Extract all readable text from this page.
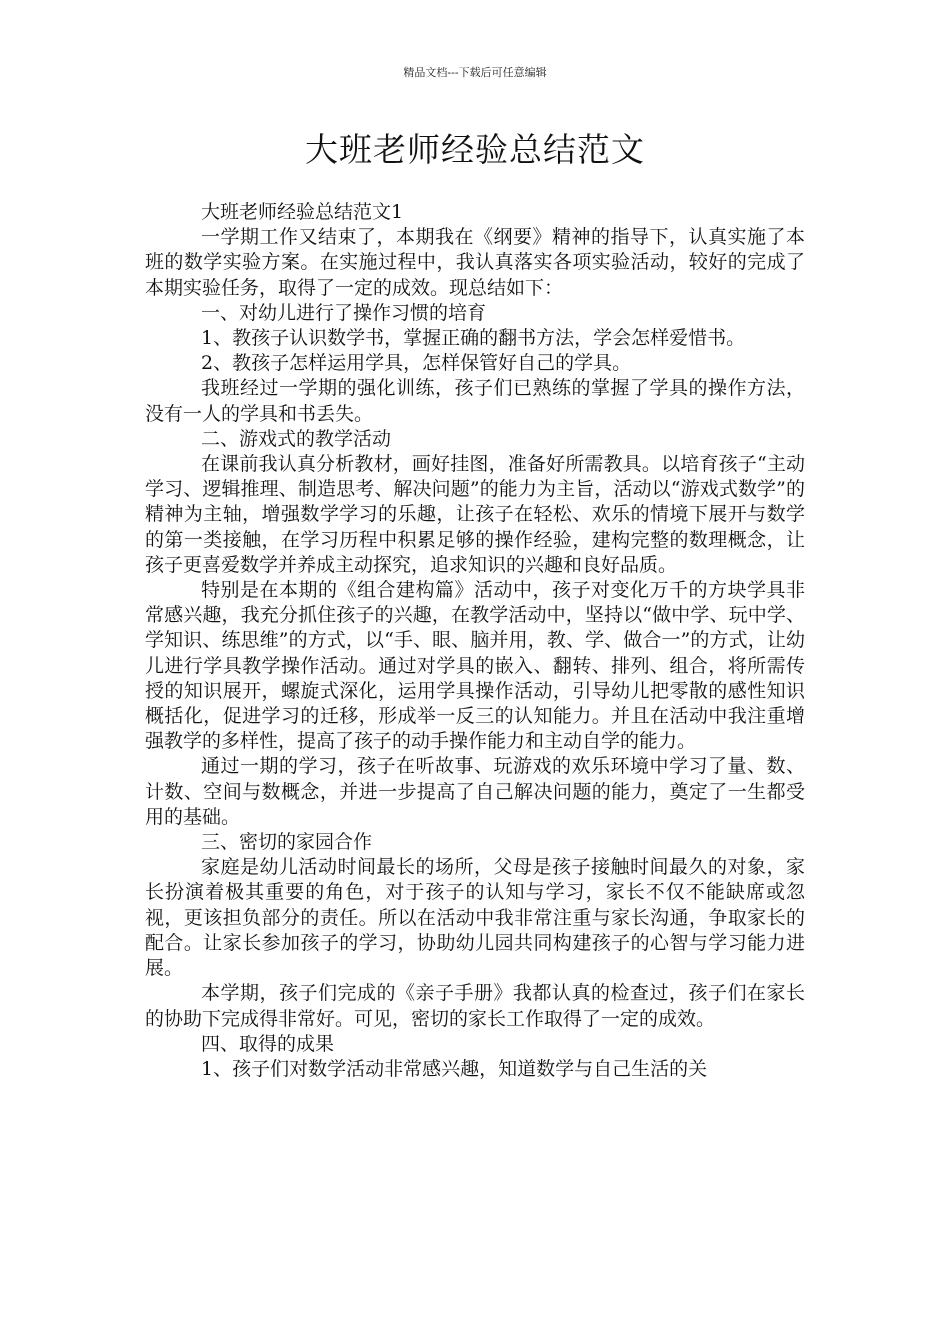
精品文档---下载后可任意编辑
大班老师经验总结范文

大班老师经验总结范文1

一学期工作又结束了，本期我在《纲要》精神的指导下，认真实施了本班的数学实验方案。在实施过程中，我认真落实各项实验活动，较好的完成了本期实验任务，取得了一定的成效。现总结如下：

一、对幼儿进行了操作习惯的培育

1、教孩子认识数学书，掌握正确的翻书方法，学会怎样爱惜书。

2、教孩子怎样运用学具，怎样保管好自己的学具。

我班经过一学期的强化训练，孩子们已熟练的掌握了学具的操作方法，没有一人的学具和书丢失。

二、游戏式的教学活动

在课前我认真分析教材，画好挂图，准备好所需教具。以培育孩子“主动学习、逻辑推理、制造思考、解决问题”的能力为主旨，活动以“游戏式数学”的精神为主轴，增强数学学习的乐趣，让孩子在轻松、欢乐的情境下展开与数学的第一类接触，在学习历程中积累足够的操作经验，建构完整的数理概念，让孩子更喜爱数学并养成主动探究，追求知识的兴趣和良好品质。

特别是在本期的《组合建构篇》活动中，孩子对变化万千的方块学具非常感兴趣，我充分抓住孩子的兴趣，在教学活动中，坚持以“做中学、玩中学、学知识、练思维”的方式，以“手、眼、脑并用，教、学、做合一”的方式，让幼儿进行学具教学操作活动。通过对学具的嵌入、翻转、排列、组合，将所需传授的知识展开，螺旋式深化，运用学具操作活动，引导幼儿把零散的感性知识概括化，促进学习的迁移，形成举一反三的认知能力。并且在活动中我注重增强教学的多样性，提高了孩子的动手操作能力和主动自学的能力。

通过一期的学习，孩子在听故事、玩游戏的欢乐环境中学习了量、数、计数、空间与数概念，并进一步提高了自己解决问题的能力，奠定了一生都受用的基础。

三、密切的家园合作

家庭是幼儿活动时间最长的场所，父母是孩子接触时间最久的对象，家长扮演着极其重要的角色，对于孩子的认知与学习，家长不仅不能缺席或忽视，更该担负部分的责任。所以在活动中我非常注重与家长沟通，争取家长的配合。让家长参加孩子的学习，协助幼儿园共同构建孩子的心智与学习能力进展。

本学期，孩子们完成的《亲子手册》我都认真的检查过，孩子们在家长的协助下完成得非常好。可见，密切的家长工作取得了一定的成效。

四、取得的成果

1、孩子们对数学活动非常感兴趣，知道数学与自己生活的关
